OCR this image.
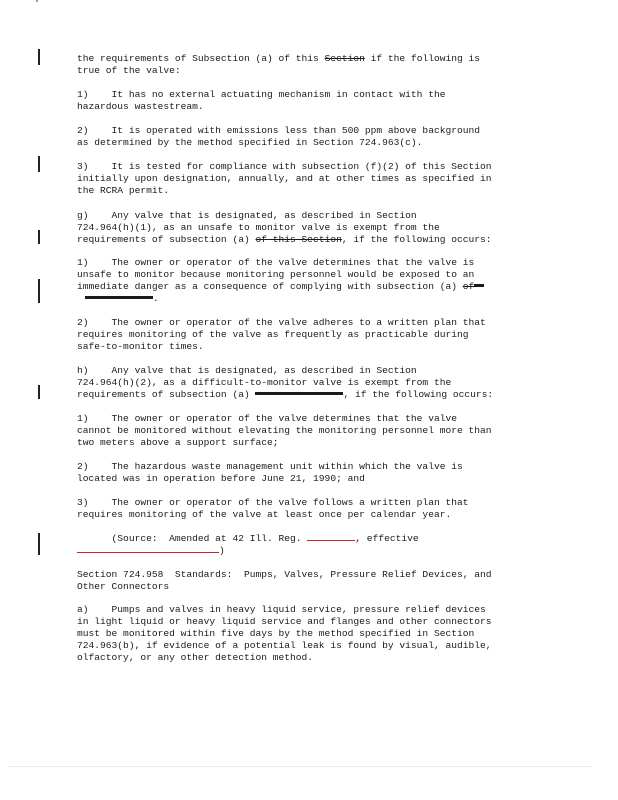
the requirements of Subsection (a) of this Section if the following is
true of the valve:
1)    It has no external actuating mechanism in contact with the
hazardous wastestream.
2)    It is operated with emissions less than 500 ppm above background
as determined by the method specified in Section 724.963(c).
3)    It is tested for compliance with subsection (f)(2) of this Section
initially upon designation, annually, and at other times as specified in
the RCRA permit.
g)    Any valve that is designated, as described in Section
724.964(h)(1), as an unsafe to monitor valve is exempt from the
requirements of subsection (a) of this Section, if the following occurs:
1)    The owner or operator of the valve determines that the valve is
unsafe to monitor because monitoring personnel would be exposed to an
immediate danger as a consequence of complying with subsection (a) of
.
2)    The owner or operator of the valve adheres to a written plan that
requires monitoring of the valve as frequently as practicable during
safe-to-monitor times.
h)    Any valve that is designated, as described in Section
724.964(h)(2), as a difficult-to-monitor valve is exempt from the
requirements of subsection (a)	, if the following occurs:
1)    The owner or operator of the valve determines that the valve
cannot be monitored without elevating the monitoring personnel more than
two meters above a support surface;
2)    The hazardous waste management unit within which the valve is
located was in operation before June 21, 1990; and
3)    The owner or operator of the valve follows a written plan that
requires monitoring of the valve at least once per calendar year.
(Source:  Amended at 42 Ill. Reg.	, effective
)
Section 724.958  Standards:  Pumps, Valves, Pressure Relief Devices, and
Other Connectors
a)    Pumps and valves in heavy liquid service, pressure relief devices
in light liquid or heavy liquid service and flanges and other connectors
must be monitored within five days by the method specified in Section
724.963(b), if evidence of a potential leak is found by visual, audible,
olfactory, or any other detection method.
